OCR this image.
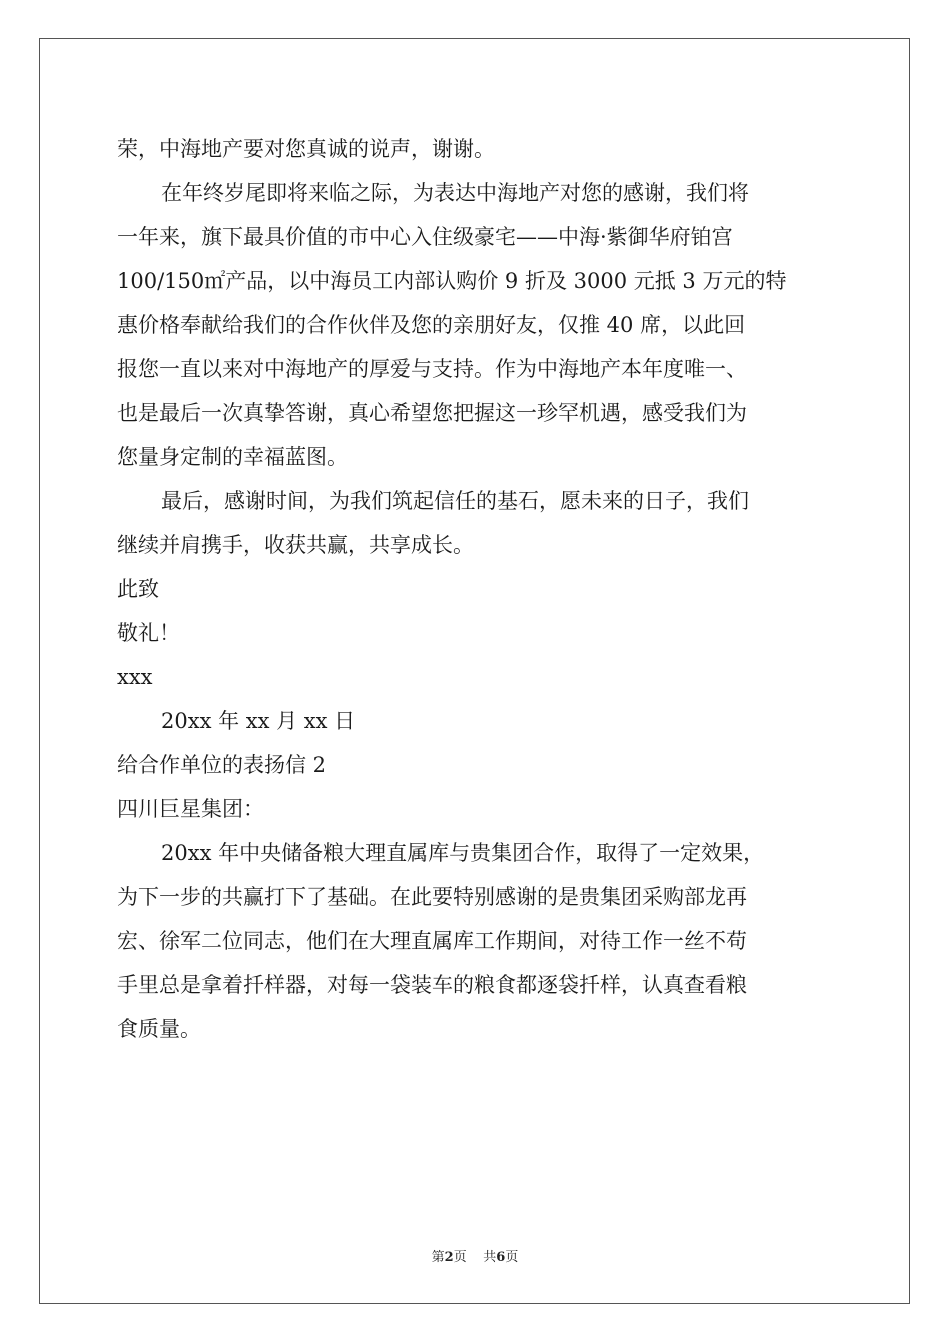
荣，中海地产要对您真诚的说声，谢谢。
在年终岁尾即将来临之际，为表达中海地产对您的感谢，我们将
一年来，旗下最具价值的市中心入住级豪宅——中海·紫御华府铂宫
100/150㎡产品，以中海员工内部认购价 9 折及 3000 元抵 3 万元的特
惠价格奉献给我们的合作伙伴及您的亲朋好友，仅推 40 席，以此回
报您一直以来对中海地产的厚爱与支持。作为中海地产本年度唯一、
也是最后一次真挚答谢，真心希望您把握这一珍罕机遇，感受我们为
您量身定制的幸福蓝图。
最后，感谢时间，为我们筑起信任的基石，愿未来的日子，我们
继续并肩携手，收获共赢，共享成长。
此致
敬礼！
xxx
20xx 年 xx 月 xx 日
给合作单位的表扬信 2
四川巨星集团：
20xx 年中央储备粮大理直属库与贵集团合作，取得了一定效果，
为下一步的共赢打下了基础。在此要特别感谢的是贵集团采购部龙再
宏、徐军二位同志，他们在大理直属库工作期间，对待工作一丝不苟
手里总是拿着扦样器，对每一袋装车的粮食都逐袋扦样，认真查看粮
食质量。
第2页 共6页
